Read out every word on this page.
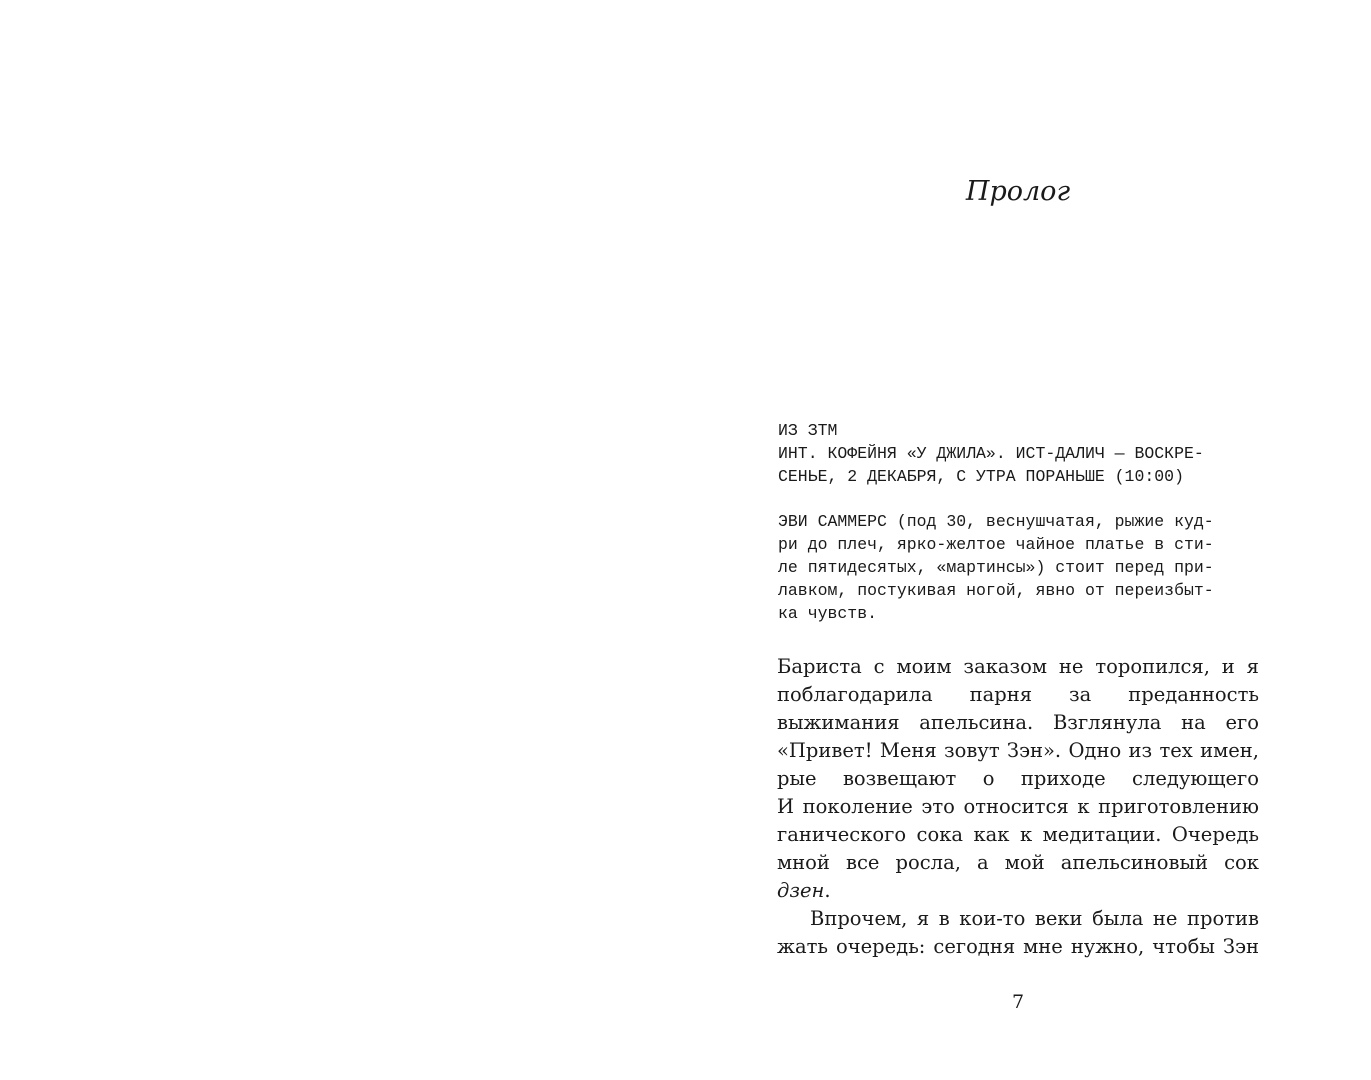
Пролог
ИЗ ЗТМ
ИНТ. КОФЕЙНЯ «У ДЖИЛА». ИСТ-ДАЛИЧ — ВОСКРЕ-
СЕНЬЕ, 2 ДЕКАБРЯ, С УТРА ПОРАНЬШЕ (10:00)
ЭВИ САММЕРС (под 30, веснушчатая, рыжие куд-
ри до плеч, ярко-желтое чайное платье в сти-
ле пятидесятых, «мартинсы») стоит перед при-
лавком, постукивая ногой, явно от переизбыт-
ка чувств.
Бариста с моим заказом не торопился, и я
поблагодарила парня за преданность
выжимания апельсина. Взглянула на его
«Привет! Меня зовут Зэн». Одно из тех имен,
рые возвещают о приходе следующего
И поколение это относится к приготовлению
ганического сока как к медитации. Очередь
мной все росла, а мой апельсиновый сок
дзен.
Впрочем, я в кои-то веки была не против
жать очередь: сегодня мне нужно, чтобы Зэн
7
